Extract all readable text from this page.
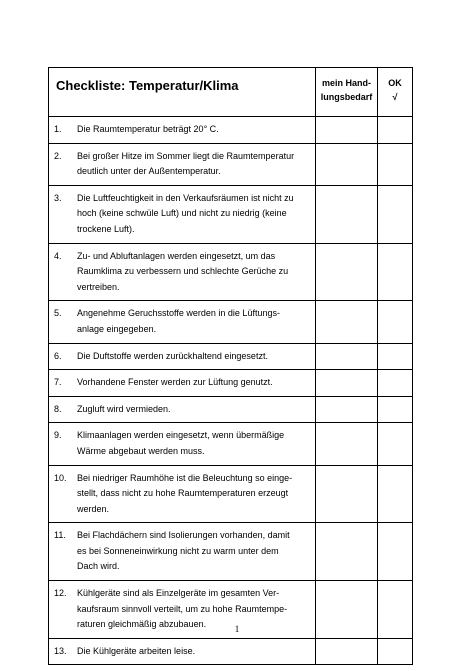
Checkliste: Temperatur/Klima	mein Hand-
lungsbedarf	OK
√

1. Die Raumtemperatur beträgt 20° C.		

2. Bei großer Hitze im Sommer liegt die Raumtemperatur
deutlich unter der Außentemperatur.		

3. Die Luftfeuchtigkeit in den Verkaufsräumen ist nicht zu
hoch (keine schwüle Luft) und nicht zu niedrig (keine
trockene Luft).		

4. Zu- und Abluftanlagen werden eingesetzt, um das
Raumklima zu verbessern und schlechte Gerüche zu
vertreiben.		

5. Angenehme Geruchsstoffe werden in die Lüftungs-
anlage eingegeben.		

6. Die Duftstoffe werden zurückhaltend eingesetzt.		

7. Vorhandene Fenster werden zur Lüftung genutzt.		

8. Zugluft wird vermieden.		

9. Klimaanlagen werden eingesetzt, wenn übermäßige
Wärme abgebaut werden muss.		

10. Bei niedriger Raumhöhe ist die Beleuchtung so einge-
stellt, dass nicht zu hohe Raumtemperaturen erzeugt
werden.		

11. Bei Flachdächern sind Isolierungen vorhanden, damit
es bei Sonneneinwirkung nicht zu warm unter dem
Dach wird.		

12. Kühlgeräte sind als Einzelgeräte im gesamten Ver-
kaufsraum sinnvoll verteilt, um zu hohe Raumtempe-
raturen gleichmäßig abzubauen.		

13. Die Kühlgeräte arbeiten leise.		

1
